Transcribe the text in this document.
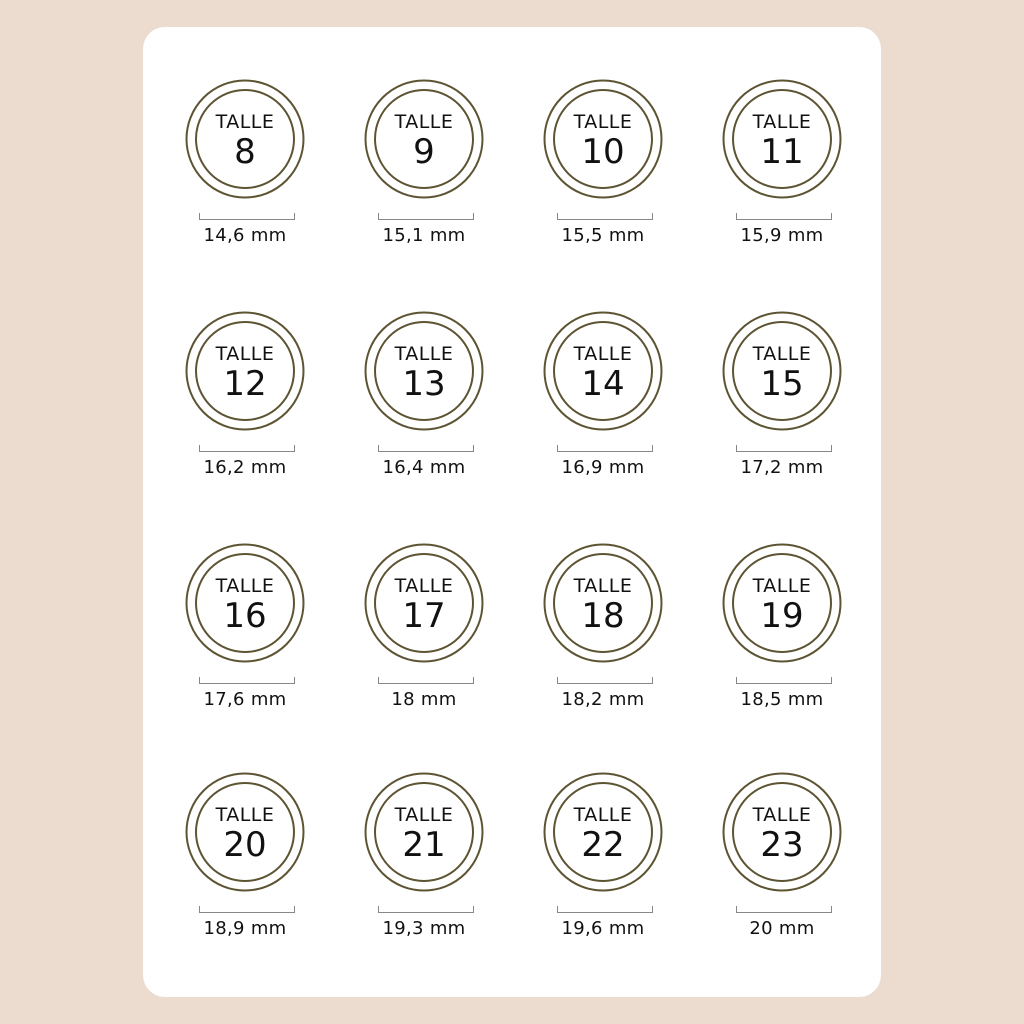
TALLE
8
14,6 mm
TALLE
9
15,1 mm
TALLE
10
15,5 mm
TALLE
11
15,9 mm
TALLE
12
16,2 mm
TALLE
13
16,4 mm
TALLE
14
16,9 mm
TALLE
15
17,2 mm
TALLE
16
17,6 mm
TALLE
17
18 mm
TALLE
18
18,2 mm
TALLE
19
18,5 mm
TALLE
20
18,9 mm
TALLE
21
19,3 mm
TALLE
22
19,6 mm
TALLE
23
20 mm
